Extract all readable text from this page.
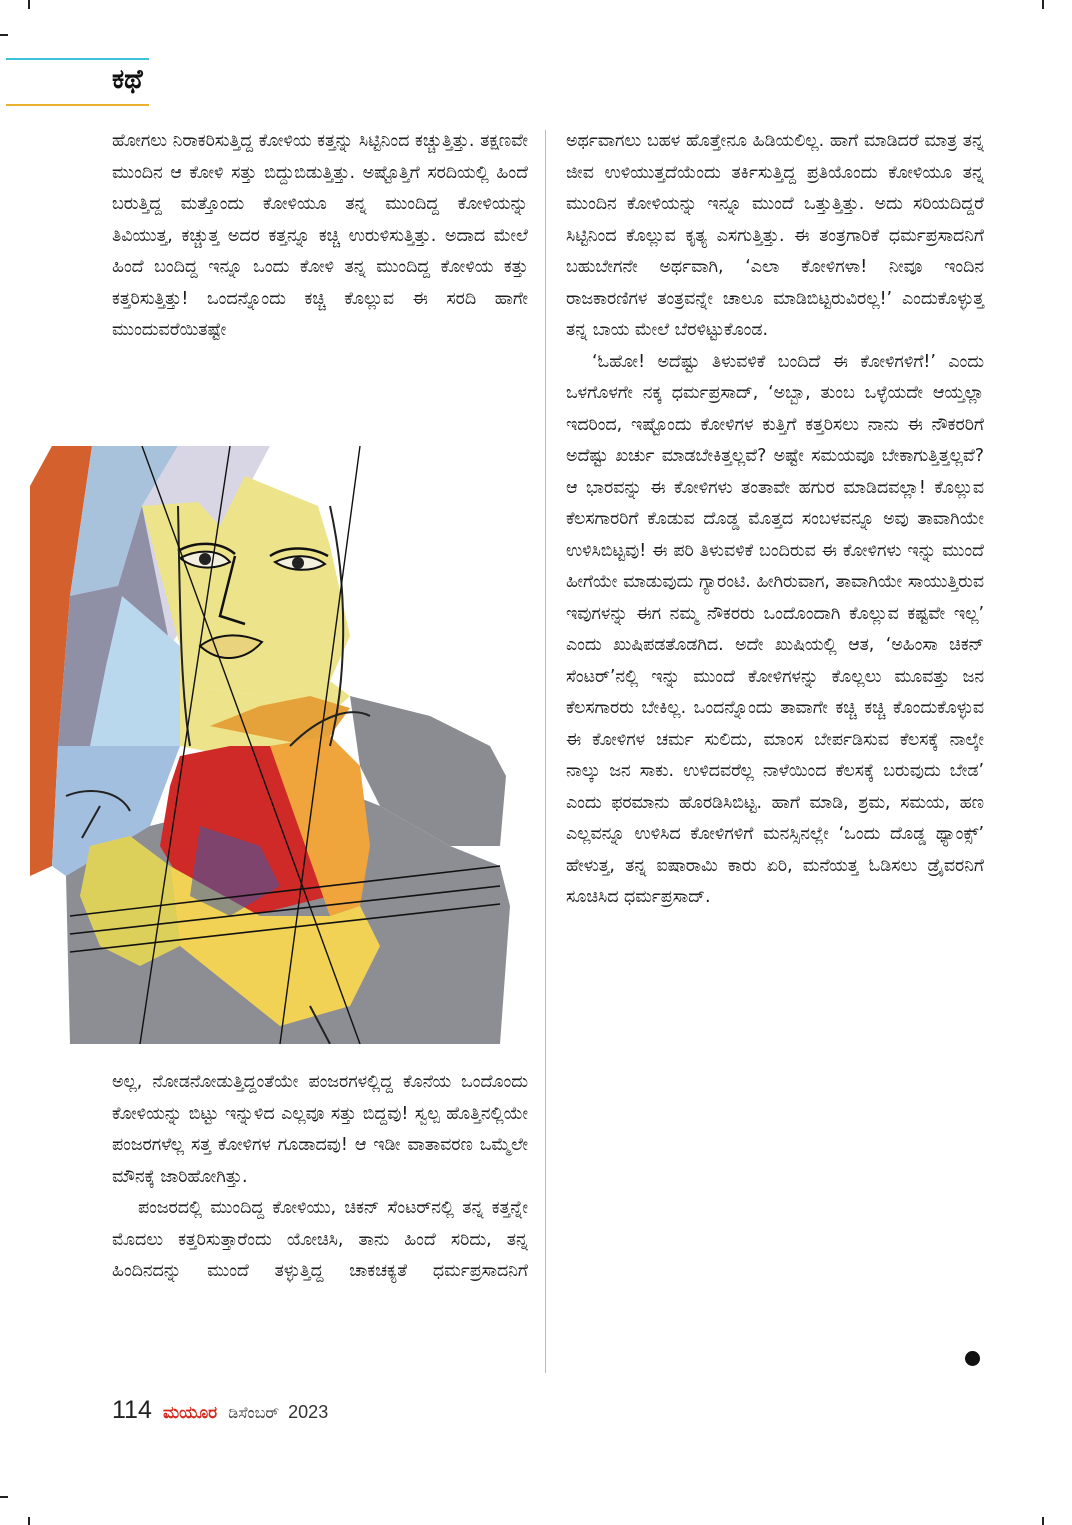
ಕಥೆ
ಹೋಗಲು ನಿರಾಕರಿಸುತ್ತಿದ್ದ ಕೋಳಿಯ ಕತ್ತನ್ನು ಸಿಟ್ಟಿನಿಂದ ಕಚ್ಚುತ್ತಿತ್ತು. ತಕ್ಷಣವೇ ಮುಂದಿನ ಆ ಕೋಳಿ ಸತ್ತು ಬಿದ್ದುಬಿಡುತ್ತಿತ್ತು. ಅಷ್ಟೊತ್ತಿಗೆ ಸರದಿಯಲ್ಲಿ ಹಿಂದೆ ಬರುತ್ತಿದ್ದ ಮತ್ತೊಂದು ಕೋಳಿಯೂ ತನ್ನ ಮುಂದಿದ್ದ ಕೋಳಿಯನ್ನು ತಿವಿಯುತ್ತ, ಕಚ್ಚುತ್ತ ಅದರ ಕತ್ತನ್ನೂ ಕಚ್ಚಿ ಉರುಳಿಸುತ್ತಿತ್ತು. ಅದಾದ ಮೇಲೆ ಹಿಂದೆ ಬಂದಿದ್ದ ಇನ್ನೂ ಒಂದು ಕೋಳಿ ತನ್ನ ಮುಂದಿದ್ದ ಕೋಳಿಯ ಕತ್ತು ಕತ್ತರಿಸುತ್ತಿತ್ತು! ಒಂದನ್ನೊಂದು ಕಚ್ಚಿ ಕೊಲ್ಲುವ ಈ ಸರದಿ ಹಾಗೇ ಮುಂದುವರೆಯಿತಷ್ಟೇ
ಅಲ್ಲ, ನೋಡನೋಡುತ್ತಿದ್ದಂತೆಯೇ ಪಂಜರಗಳಲ್ಲಿದ್ದ ಕೊನೆಯ ಒಂದೊಂದು ಕೋಳಿಯನ್ನು ಬಿಟ್ಟು ಇನ್ನುಳಿದ ಎಲ್ಲವೂ ಸತ್ತು ಬಿದ್ದವು! ಸ್ವಲ್ಪ ಹೊತ್ತಿನಲ್ಲಿಯೇ ಪಂಜರಗಳೆಲ್ಲ ಸತ್ತ ಕೋಳಿಗಳ ಗೂಡಾದವು! ಆ ಇಡೀ ವಾತಾವರಣ ಒಮ್ಮೆಲೇ ಮೌನಕ್ಕೆ ಜಾರಿಹೋಗಿತ್ತು.
ಪಂಜರದಲ್ಲಿ ಮುಂದಿದ್ದ ಕೋಳಿಯು, ಚಿಕನ್ ಸೆಂಟರ್‌ನಲ್ಲಿ ತನ್ನ ಕತ್ತನ್ನೇ ಮೊದಲು ಕತ್ತರಿಸುತ್ತಾರೆಂದು ಯೋಚಿಸಿ, ತಾನು ಹಿಂದೆ ಸರಿದು, ತನ್ನ ಹಿಂದಿನದನ್ನು ಮುಂದೆ ತಳ್ಳುತ್ತಿದ್ದ ಚಾಕಚಕ್ಯತೆ ಧರ್ಮಪ್ರಸಾದನಿಗೆ
ಅರ್ಥವಾಗಲು ಬಹಳ ಹೊತ್ತೇನೂ ಹಿಡಿಯಲಿಲ್ಲ. ಹಾಗೆ ಮಾಡಿದರೆ ಮಾತ್ರ ತನ್ನ ಜೀವ ಉಳಿಯುತ್ತದೆಯೆಂದು ತರ್ಕಿಸುತ್ತಿದ್ದ ಪ್ರತಿಯೊಂದು ಕೋಳಿಯೂ ತನ್ನ ಮುಂದಿನ ಕೋಳಿಯನ್ನು ಇನ್ನೂ ಮುಂದೆ ಒತ್ತುತ್ತಿತ್ತು. ಅದು ಸರಿಯದಿದ್ದರೆ ಸಿಟ್ಟಿನಿಂದ ಕೊಲ್ಲುವ ಕೃತ್ಯ ಎಸಗುತ್ತಿತ್ತು. ಈ ತಂತ್ರಗಾರಿಕೆ ಧರ್ಮಪ್ರಸಾದನಿಗೆ ಬಹುಬೇಗನೇ ಅರ್ಥವಾಗಿ, ‘ಎಲಾ ಕೋಳಿಗಳಾ! ನೀವೂ ಇಂದಿನ ರಾಜಕಾರಣಿಗಳ ತಂತ್ರವನ್ನೇ ಚಾಲೂ ಮಾಡಿಬಿಟ್ಟರುವಿರಲ್ಲ!’ ಎಂದುಕೊಳ್ಳುತ್ತ ತನ್ನ ಬಾಯ ಮೇಲೆ ಬೆರಳಿಟ್ಟುಕೊಂಡ.
‘ಓಹೋ! ಅದೆಷ್ಟು ತಿಳುವಳಿಕೆ ಬಂದಿದೆ ಈ ಕೋಳಿಗಳಿಗೆ!’ ಎಂದು ಒಳಗೊಳಗೇ ನಕ್ಕ ಧರ್ಮಪ್ರಸಾದ್, ‘ಅಬ್ಬಾ, ತುಂಬ ಒಳ್ಳೆಯದೇ ಆಯ್ತಲ್ಲಾ ಇದರಿಂದ, ಇಷ್ಟೊಂದು ಕೋಳಿಗಳ ಕುತ್ತಿಗೆ ಕತ್ತರಿಸಲು ನಾನು ಈ ನೌಕರರಿಗೆ ಅದೆಷ್ಟು ಖರ್ಚು ಮಾಡಬೇಕಿತ್ತಲ್ಲವೆ? ಅಷ್ಟೇ ಸಮಯವೂ ಬೇಕಾಗುತ್ತಿತ್ತಲ್ಲವೆ? ಆ ಭಾರವನ್ನು ಈ ಕೋಳಿಗಳು ತಂತಾವೇ ಹಗುರ ಮಾಡಿದವಲ್ಲಾ! ಕೊಲ್ಲುವ ಕೆಲಸಗಾರರಿಗೆ ಕೊಡುವ ದೊಡ್ಡ ಮೊತ್ತದ ಸಂಬಳವನ್ನೂ ಅವು ತಾವಾಗಿಯೇ ಉಳಿಸಿಬಿಟ್ಟವು! ಈ ಪರಿ ತಿಳುವಳಿಕೆ ಬಂದಿರುವ ಈ ಕೋಳಿಗಳು ಇನ್ನು ಮುಂದೆ ಹೀಗೆಯೇ ಮಾಡುವುದು ಗ್ಯಾರಂಟಿ. ಹೀಗಿರುವಾಗ, ತಾವಾಗಿಯೇ ಸಾಯುತ್ತಿರುವ ಇವುಗಳನ್ನು ಈಗ ನಮ್ಮ ನೌಕರರು ಒಂದೊಂದಾಗಿ ಕೊಲ್ಲುವ ಕಷ್ಟವೇ ಇಲ್ಲ’ ಎಂದು ಖುಷಿಪಡತೊಡಗಿದ. ಅದೇ ಖುಷಿಯಲ್ಲಿ ಆತ, ‘ಅಹಿಂಸಾ ಚಿಕನ್ ಸೆಂಟರ್’ನಲ್ಲಿ ಇನ್ನು ಮುಂದೆ ಕೋಳಿಗಳನ್ನು ಕೊಲ್ಲಲು ಮೂವತ್ತು ಜನ ಕೆಲಸಗಾರರು ಬೇಕಿಲ್ಲ. ಒಂದನ್ನೊಂದು ತಾವಾಗೇ ಕಚ್ಚಿ ಕಚ್ಚಿ ಕೊಂದುಕೊಳ್ಳುವ ಈ ಕೋಳಿಗಳ ಚರ್ಮ ಸುಲಿದು, ಮಾಂಸ ಬೇರ್ಪಡಿಸುವ ಕೆಲಸಕ್ಕೆ ನಾಲ್ಕೇ ನಾಲ್ಕು ಜನ ಸಾಕು. ಉಳಿದವರೆಲ್ಲ ನಾಳೆಯಿಂದ ಕೆಲಸಕ್ಕೆ ಬರುವುದು ಬೇಡ’ ಎಂದು ಫರಮಾನು ಹೊರಡಿಸಿಬಿಟ್ಟ. ಹಾಗೆ ಮಾಡಿ, ಶ್ರಮ, ಸಮಯ, ಹಣ ಎಲ್ಲವನ್ನೂ ಉಳಿಸಿದ ಕೋಳಿಗಳಿಗೆ ಮನಸ್ಸಿನಲ್ಲೇ ‘ಒಂದು ದೊಡ್ಡ ಥ್ಯಾಂಕ್ಸ್’ ಹೇಳುತ್ತ, ತನ್ನ ಐಷಾರಾಮಿ ಕಾರು ಏರಿ, ಮನೆಯತ್ತ ಓಡಿಸಲು ಡ್ರೈವರನಿಗೆ ಸೂಚಿಸಿದ ಧರ್ಮಪ್ರಸಾದ್.
114 ಮಯೂರ ಡಿಸೆಂಬರ್ 2023
